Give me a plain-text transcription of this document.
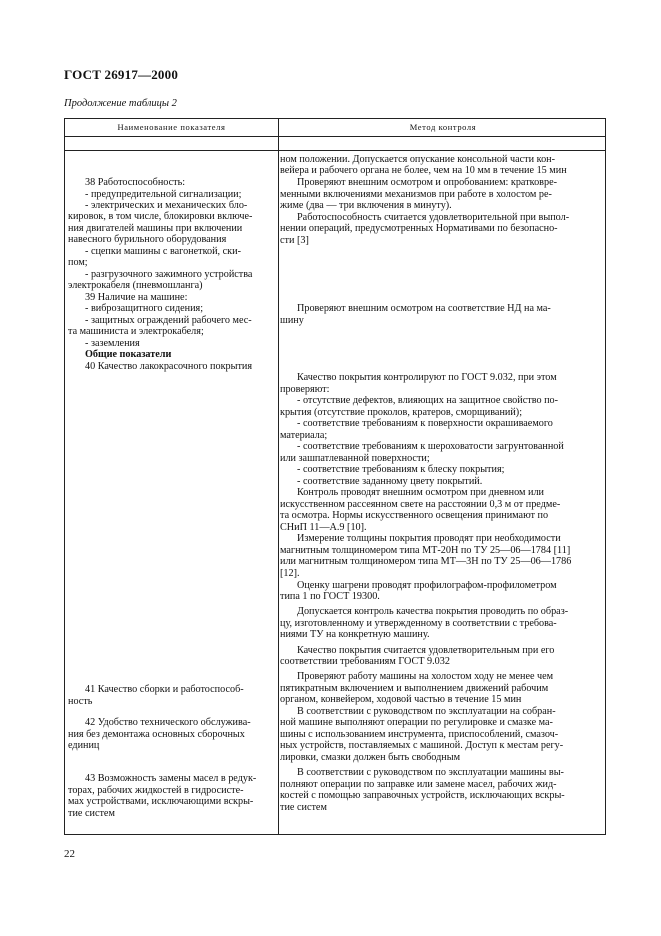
ГОСТ 26917—2000
Продолжение таблицы 2
Наименование показателя	Метод контроля
38 Работоспособность:
- предупредительной сигнализации;
- электрических и механических бло-
кировок, в том числе, блокировки включе-
ния двигателей машины при включении
навесного бурильного оборудования
- сцепки машины с вагонеткой, ски-
пом;
- разгрузочного зажимного устройства
электрокабеля (пневмошланга)
39 Наличие на машине:
- виброзащитного сидения;
- защитных ограждений рабочего мес-
та машиниста и электрокабеля;
- заземления
Общие показатели
40 Качество лакокрасочного покрытия
41 Качество сборки и работоспособ-
ность
42 Удобство технического обслужива-
ния без демонтажа основных сборочных
единиц
43 Возможность замены масел в редук-
торах, рабочих жидкостей в гидросисте-
мах устройствами, исключающими вскры-
тие систем
ном положении. Допускается опускание консольной части кон-
вейера и рабочего органа не более, чем на 10 мм в течение 15 мин
Проверяют внешним осмотром и опробованием: кратковре-
менными включениями механизмов при работе в холостом ре-
жиме (два — три включения в минуту).
Работоспособность считается удовлетворительной при выпол-
нении операций, предусмотренных Нормативами по безопасно-
сти [3]
Проверяют внешним осмотром на соответствие НД на ма-
шину
Качество покрытия контролируют по ГОСТ 9.032, при этом
проверяют:
- отсутствие дефектов, влияющих на защитное свойство по-
крытия (отсутствие проколов, кратеров, сморщиваний);
- соответствие требованиям к поверхности окрашиваемого
материала;
- соответствие требованиям к шероховатости загрунтованной
или зашпатлеванной поверхности;
- соответствие требованиям к блеску покрытия;
- соответствие заданному цвету покрытий.
Контроль проводят внешним осмотром при дневном или
искусственном рассеянном свете на расстоянии 0,3 м от предме-
та осмотра. Нормы искусственного освещения принимают по
СНиП 11—А.9 [10].
Измерение толщины покрытия проводят при необходимости
магнитным толщиномером типа МТ-20Н по ТУ 25—06—1784 [11]
или магнитным толщиномером типа МТ—3Н по ТУ 25—06—1786
[12].
Оценку шагрени проводят профилографом-профилометром
типа 1 по ГОСТ 19300.
Допускается контроль качества покрытия проводить по образ-
цу, изготовленному и утвержденному в соответствии с требова-
ниями ТУ на конкретную машину.
Качество покрытия считается удовлетворительным при его
соответствии требованиям ГОСТ 9.032
Проверяют работу машины на холостом ходу не менее чем
пятикратным включением и выполнением движений рабочим
органом, конвейером, ходовой частью в течение 15 мин
В соответствии с руководством по эксплуатации на собран-
ной машине выполняют операции по регулировке и смазке ма-
шины с использованием инструмента, приспособлений, смазоч-
ных устройств, поставляемых с машиной. Доступ к местам регу-
лировки, смазки должен быть свободным
В соответствии с руководством по эксплуатации машины вы-
полняют операции по заправке или замене масел, рабочих жид-
костей с помощью заправочных устройств, исключающих вскры-
тие систем
22
